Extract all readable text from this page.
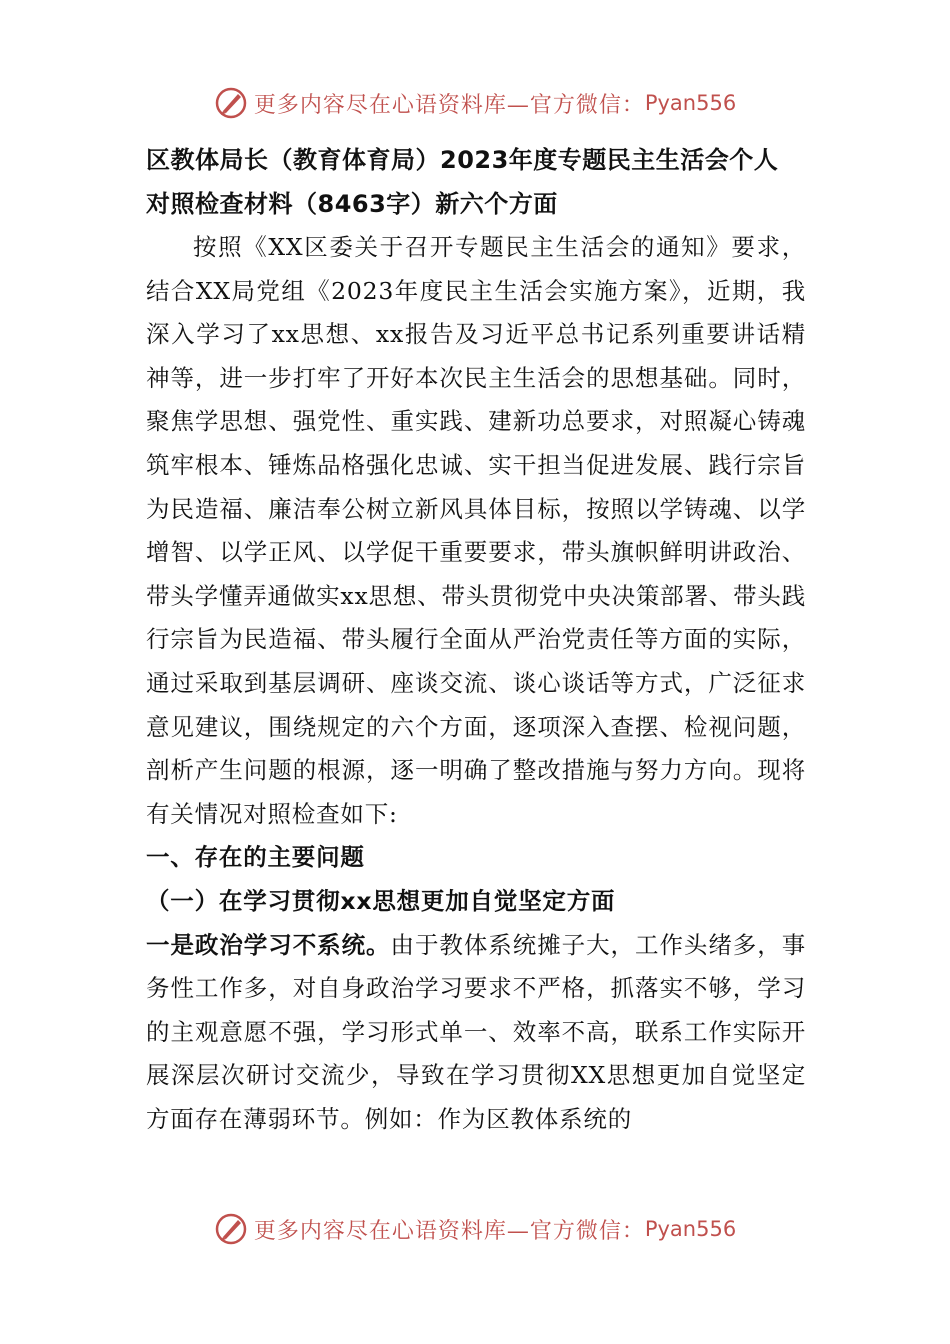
更多内容尽在心语资料库—官方微信： Pyan556

区教体局长（教育体育局）2023年度专题民主生活会个人

对照检查材料（8463字）新六个方面

按照《XX区委关于召开专题民主生活会的通知》要求，结合XX局党组《2023年度民主生活会实施方案》，近期，我深入学习了xx思想、xx报告及习近平总书记系列重要讲话精神等，进一步打牢了开好本次民主生活会的思想基础。同时，聚焦学思想、强党性、重实践、建新功总要求，对照凝心铸魂筑牢根本、锤炼品格强化忠诚、实干担当促进发展、践行宗旨为民造福、廉洁奉公树立新风具体目标，按照以学铸魂、以学增智、以学正风、以学促干重要要求，带头旗帜鲜明讲政治、带头学懂弄通做实xx思想、带头贯彻党中央决策部署、带头践行宗旨为民造福、带头履行全面从严治党责任等方面的实际，通过采取到基层调研、座谈交流、谈心谈话等方式，广泛征求意见建议，围绕规定的六个方面，逐项深入查摆、检视问题，剖析产生问题的根源，逐一明确了整改措施与努力方向。现将有关情况对照检查如下:

一、存在的主要问题

（一）在学习贯彻xx思想更加自觉坚定方面

一是政治学习不系统。由于教体系统摊子大，工作头绪多，事务性工作多，对自身政治学习要求不严格，抓落实不够，学习的主观意愿不强，学习形式单一、效率不高，联系工作实际开展深层次研讨交流少，导致在学习贯彻XX思想更加自觉坚定方面存在薄弱环节。例如：作为区教体系统的

更多内容尽在心语资料库—官方微信： Pyan556
